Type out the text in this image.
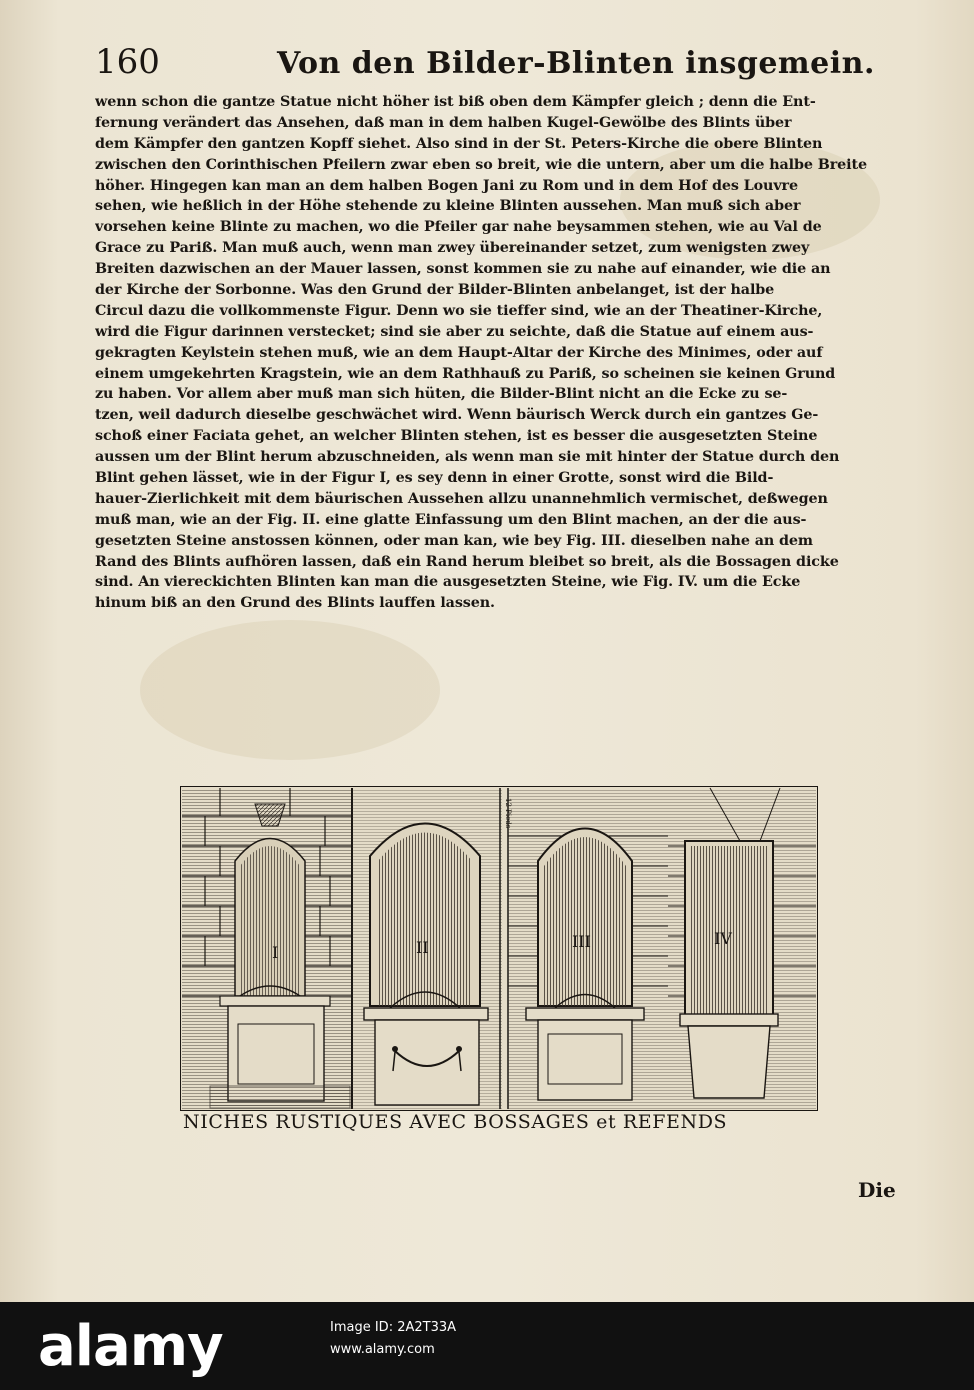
160	Von den Bilder-Blinten insgemein.
wenn schon die gantze Statue nicht höher ist biß oben dem Kämpfer gleich ; denn die Ent-
fernung verändert das Ansehen, daß man in dem halben Kugel-Gewölbe des Blints über
dem Kämpfer den gantzen Kopff siehet. Also sind in der St. Peters-Kirche die obere Blinten
zwischen den Corinthischen Pfeilern zwar eben so breit, wie die untern, aber um die halbe Breite
höher. Hingegen kan man an dem halben Bogen Jani zu Rom und in dem Hof des Louvre
sehen, wie heßlich in der Höhe stehende zu kleine Blinten aussehen. Man muß sich aber
vorsehen keine Blinte zu machen, wo die Pfeiler gar nahe beysammen stehen, wie au Val de
Grace zu Pariß. Man muß auch, wenn man zwey übereinander setzet, zum wenigsten zwey
Breiten dazwischen an der Mauer lassen, sonst kommen sie zu nahe auf einander, wie die an
der Kirche der Sorbonne. Was den Grund der Bilder-Blinten anbelanget, ist der halbe
Circul dazu die vollkommenste Figur. Denn wo sie tieffer sind, wie an der Theatiner-Kirche,
wird die Figur darinnen verstecket; sind sie aber zu seichte, daß die Statue auf einem aus-
gekragten Keylstein stehen muß, wie an dem Haupt-Altar der Kirche des Minimes, oder auf
einem umgekehrten Kragstein, wie an dem Rathhauß zu Pariß, so scheinen sie keinen Grund
zu haben. Vor allem aber muß man sich hüten, die Bilder-Blint nicht an die Ecke zu se-
tzen, weil dadurch dieselbe geschwächet wird. Wenn bäurisch Werck durch ein gantzes Ge-
schoß einer Faciata gehet, an welcher Blinten stehen, ist es besser die ausgesetzten Steine
aussen um der Blint herum abzuschneiden, als wenn man sie mit hinter der Statue durch den
Blint gehen lässet, wie in der Figur I, es sey denn in einer Grotte, sonst wird die Bild-
hauer-Zierlichkeit mit dem bäurischen Aussehen allzu unannehmlich vermischet, deßwegen
muß man, wie an der Fig. II. eine glatte Einfassung um den Blint machen, an der die aus-
gesetzten Steine anstossen können, oder man kan, wie bey Fig. III. dieselben nahe an dem
Rand des Blints aufhören lassen, daß ein Rand herum bleibet so breit, als die Bossagen dicke
sind. An viereckichten Blinten kan man die ausgesetzten Steine, wie Fig. IV. um die Ecke
hinum biß an den Grund des Blints lauffen lassen.
I	II	III	IV
12 Pieds
NICHES RUSTIQUES AVEC BOSSAGES et REFENDS
Die
alamy	Image ID: 2A2T33A
www.alamy.com
